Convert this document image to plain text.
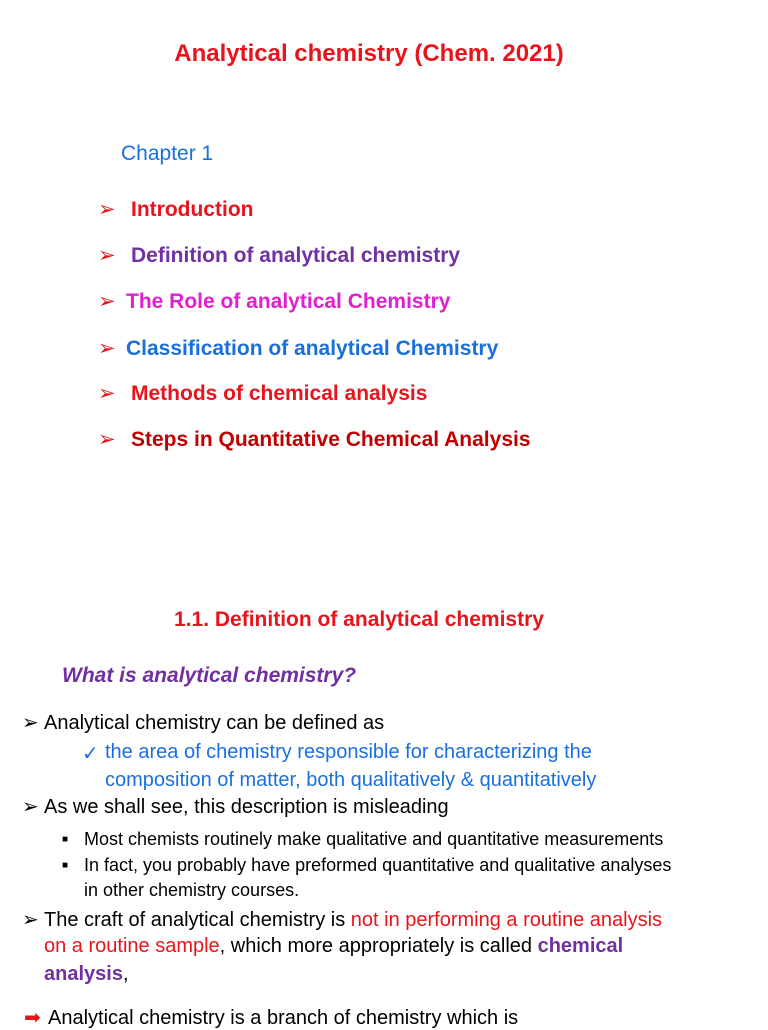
Analytical chemistry (Chem. 2021)
Chapter 1
➢ Introduction
➢ Definition of analytical chemistry
➢ The Role of analytical Chemistry
➢ Classification of analytical Chemistry
➢ Methods of chemical analysis
➢ Steps in Quantitative Chemical Analysis
1.1. Definition of analytical chemistry
What is analytical chemistry?
➢ Analytical chemistry can be defined as
✓ the area of chemistry responsible for characterizing the
composition of matter, both qualitatively & quantitatively
➢ As we shall see, this description is misleading
■ Most chemists routinely make qualitative and quantitative measurements
■ In fact, you probably have preformed quantitative and qualitative analyses
in other chemistry courses.
➢ The craft of analytical chemistry is not in performing a routine analysis
on a routine sample, which more appropriately is called chemical
analysis,
➡ Analytical chemistry is a branch of chemistry which is
